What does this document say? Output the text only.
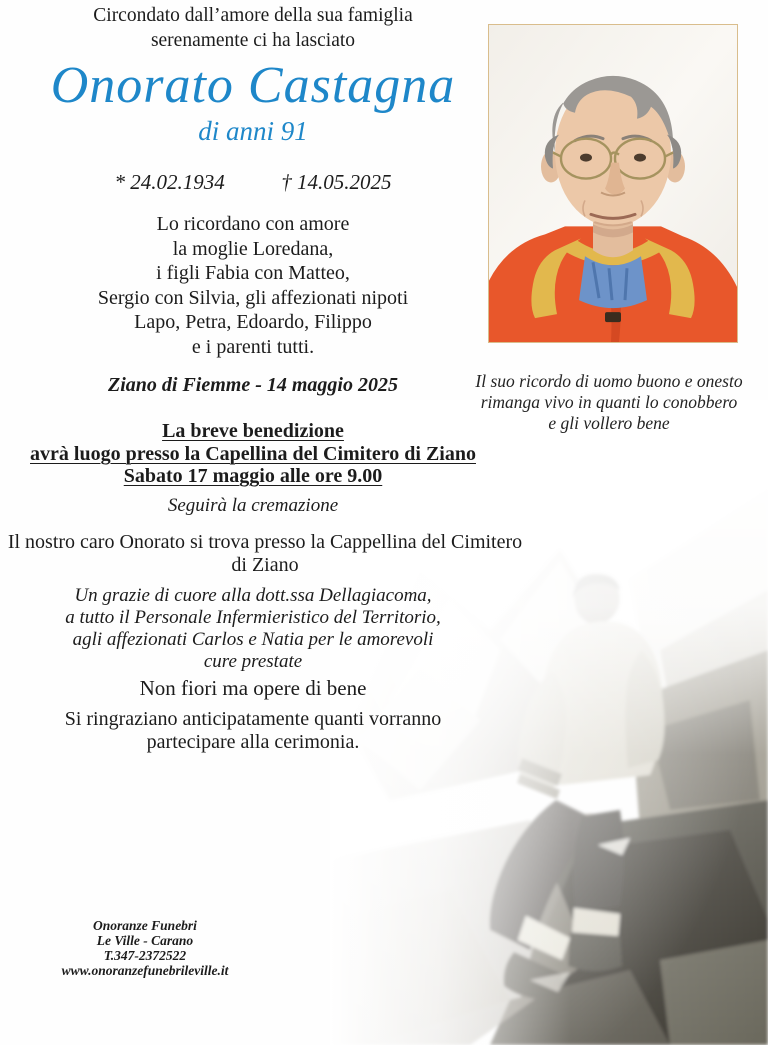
Circondato dall’amore della sua famiglia
serenamente ci ha lasciato
Onorato Castagna
di anni 91
* 24.02.1934	† 14.05.2025
Lo ricordano con amore
la moglie Loredana,
i figli Fabia con Matteo,
Sergio con Silvia, gli affezionati nipoti
Lapo, Petra, Edoardo, Filippo
e i parenti tutti.
Ziano di Fiemme - 14 maggio 2025
La breve benedizione
avrà luogo presso la Capellina del Cimitero di Ziano
Sabato 17 maggio alle ore 9.00
Seguirà la cremazione
Il nostro caro Onorato si trova presso la Cappellina del Cimitero
di Ziano
Un grazie di cuore alla dott.ssa Dellagiacoma,
a tutto il Personale Infermieristico del Territorio,
agli affezionati Carlos e Natia per le amorevoli
cure prestate
Non fiori ma opere di bene
Si ringraziano anticipatamente quanti vorranno
partecipare alla cerimonia.
Il suo ricordo di uomo buono e onesto
rimanga vivo in quanti lo conobbero
e gli vollero bene
Onoranze Funebri
Le Ville - Carano
T.347-2372522
www.onoranzefunebrileville.it
